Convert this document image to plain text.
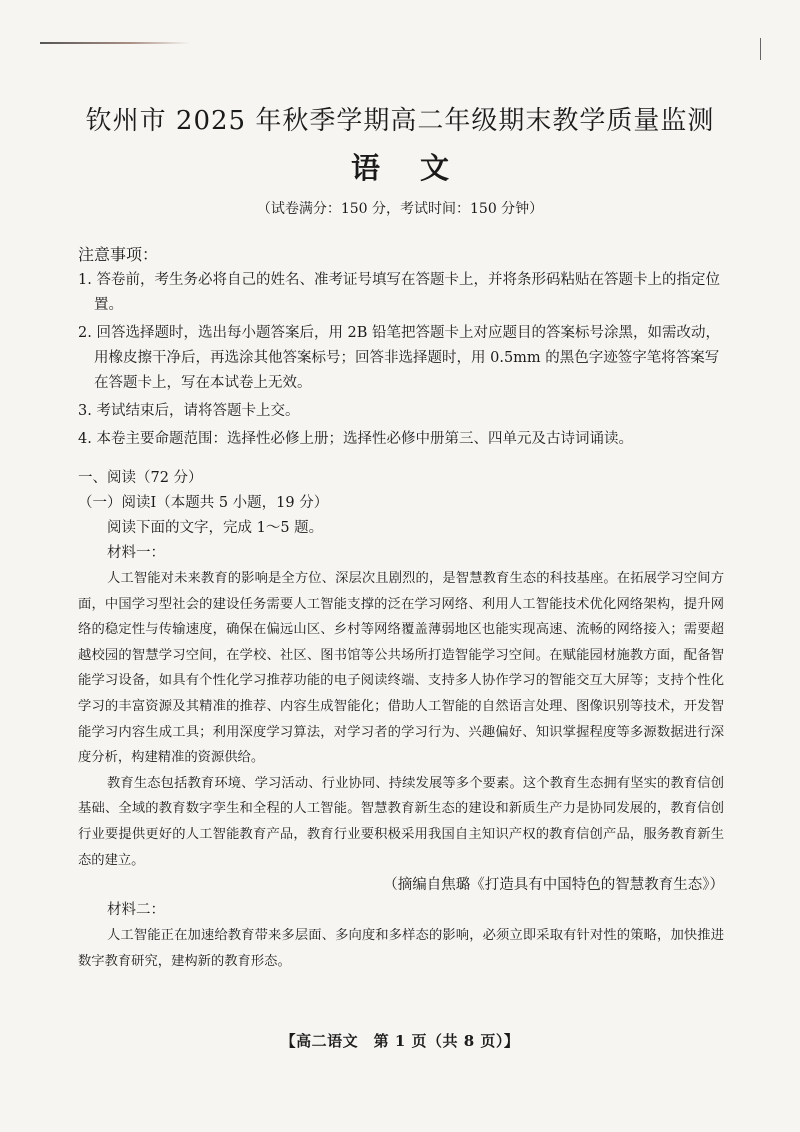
钦州市 2025 年秋季学期高二年级期末教学质量监测
语文
（试卷满分：150 分，考试时间：150 分钟）
注意事项：

1. 答卷前，考生务必将自己的姓名、准考证号填写在答题卡上，并将条形码粘贴在答题卡上的指定位置。

2. 回答选择题时，选出每小题答案后，用 2B 铅笔把答题卡上对应题目的答案标号涂黑，如需改动，用橡皮擦干净后，再选涂其他答案标号；回答非选择题时，用 0.5mm 的黑色字迹签字笔将答案写在答题卡上，写在本试卷上无效。

3. 考试结束后，请将答题卡上交。

4. 本卷主要命题范围：选择性必修上册；选择性必修中册第三、四单元及古诗词诵读。

一、阅读（72 分）

（一）阅读Ⅰ（本题共 5 小题，19 分）

阅读下面的文字，完成 1～5 题。

材料一：

人工智能对未来教育的影响是全方位、深层次且剧烈的，是智慧教育生态的科技基座。在拓展学习空间方面，中国学习型社会的建设任务需要人工智能支撑的泛在学习网络、利用人工智能技术优化网络架构，提升网络的稳定性与传输速度，确保在偏远山区、乡村等网络覆盖薄弱地区也能实现高速、流畅的网络接入；需要超越校园的智慧学习空间，在学校、社区、图书馆等公共场所打造智能学习空间。在赋能园材施教方面，配备智能学习设备，如具有个性化学习推荐功能的电子阅读终端、支持多人协作学习的智能交互大屏等；支持个性化学习的丰富资源及其精准的推荐、内容生成智能化；借助人工智能的自然语言处理、图像识别等技术，开发智能学习内容生成工具；利用深度学习算法，对学习者的学习行为、兴趣偏好、知识掌握程度等多源数据进行深度分析，构建精准的资源供给。

教育生态包括教育环境、学习活动、行业协同、持续发展等多个要素。这个教育生态拥有坚实的教育信创基础、全域的教育数字孪生和全程的人工智能。智慧教育新生态的建设和新质生产力是协同发展的，教育信创行业要提供更好的人工智能教育产品，教育行业要积极采用我国自主知识产权的教育信创产品，服务教育新生态的建立。

（摘编自焦璐《打造具有中国特色的智慧教育生态》）

材料二：

人工智能正在加速给教育带来多层面、多向度和多样态的影响，必须立即采取有针对性的策略，加快推进数字教育研究，建构新的教育形态。

【高二语文　第 1 页（共 8 页）】
